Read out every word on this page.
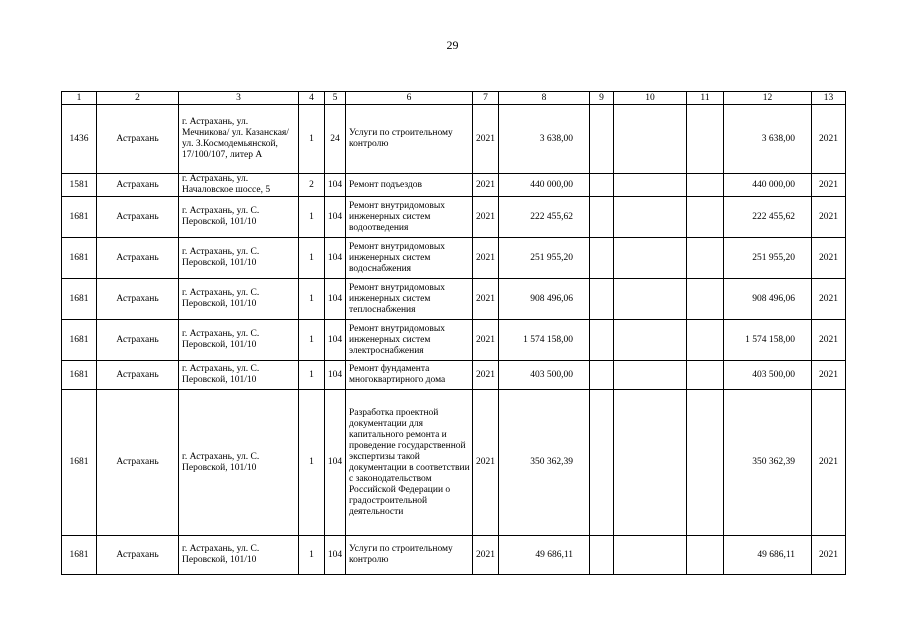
29
1	2	3	4	5	6	7	8	9	10	11	12	13
1436	Астрахань	г. Астрахань, ул. Мечникова/ ул. Казанская/ ул. З.Космодемьянской, 17/100/107, литер А	1	24	Услуги по строительному контролю	2021	3 638,00				3 638,00	2021
1581	Астрахань	г. Астрахань, ул. Началовское шоссе, 5	2	104	Ремонт подъездов	2021	440 000,00				440 000,00	2021
1681	Астрахань	г. Астрахань, ул. С. Перовской, 101/10	1	104	Ремонт внутридомовых инженерных систем водоотведения	2021	222 455,62				222 455,62	2021
1681	Астрахань	г. Астрахань, ул. С. Перовской, 101/10	1	104	Ремонт внутридомовых инженерных систем водоснабжения	2021	251 955,20				251 955,20	2021
1681	Астрахань	г. Астрахань, ул. С. Перовской, 101/10	1	104	Ремонт внутридомовых инженерных систем теплоснабжения	2021	908 496,06				908 496,06	2021
1681	Астрахань	г. Астрахань, ул. С. Перовской, 101/10	1	104	Ремонт внутридомовых инженерных систем электроснабжения	2021	1 574 158,00				1 574 158,00	2021
1681	Астрахань	г. Астрахань, ул. С. Перовской, 101/10	1	104	Ремонт фундамента многоквартирного дома	2021	403 500,00				403 500,00	2021
1681	Астрахань	г. Астрахань, ул. С. Перовской, 101/10	1	104	Разработка проектной документации для капитального ремонта и проведение государственной экспертизы такой документации в соответствии с законодательством Российской Федерации о градостроительной деятельности	2021	350 362,39				350 362,39	2021
1681	Астрахань	г. Астрахань, ул. С. Перовской, 101/10	1	104	Услуги по строительному контролю	2021	49 686,11				49 686,11	2021
